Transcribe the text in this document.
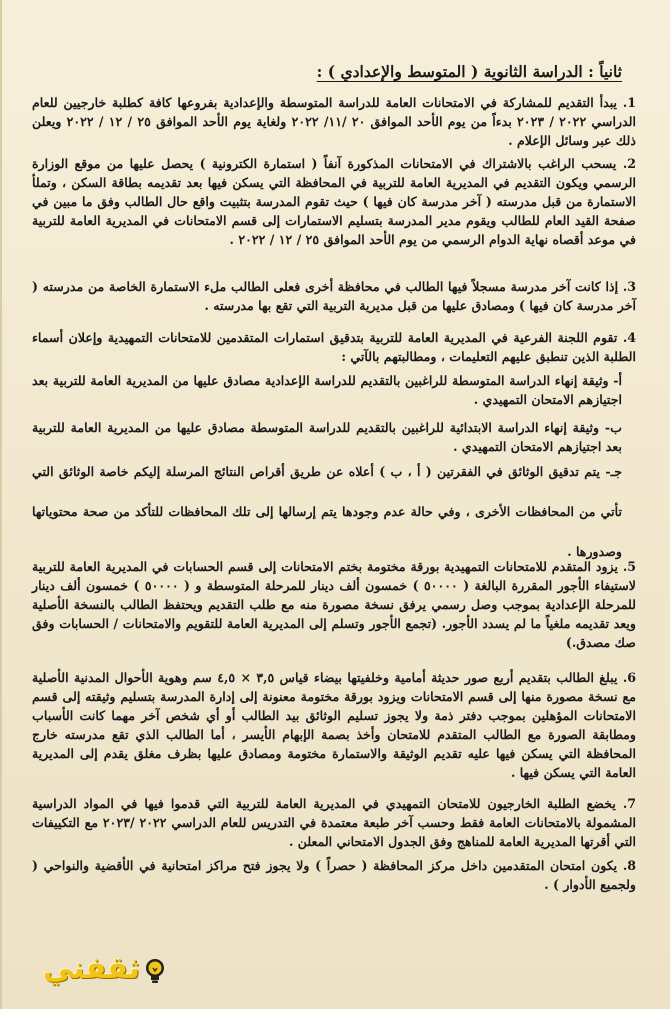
ثانياً : الدراسة الثانوية ( المتوسط والإعدادي ) :
1. يبدأ التقديم للمشاركة في الامتحانات العامة للدراسة المتوسطة والإعدادية بفروعها كافة كطلبة خارجيين للعام الدراسي ٢٠٢٢ / ٢٠٢٣ بدءاً من يوم الأحد الموافق ٢٠ /١١/ ٢٠٢٢ ولغاية يوم الأحد الموافق ٢٥ / ١٢ / ٢٠٢٢ ويعلن ذلك عبر وسائل الإعلام .
2. يسحب الراغب بالاشتراك في الامتحانات المذكورة آنفاً ( استمارة الكترونية ) يحصل عليها من موقع الوزارة الرسمي ويكون التقديم في المديرية العامة للتربية في المحافظة التي يسكن فيها بعد تقديمه بطاقة السكن ، وتملأ الاستمارة من قبل مدرسته ( آخر مدرسة كان فيها ) حيث تقوم المدرسة بتثبيت واقع حال الطالب وفق ما مبين في صفحة القيد العام للطالب ويقوم مدير المدرسة بتسليم الاستمارات إلى قسم الامتحانات في المديرية العامة للتربية في موعد أقصاه نهاية الدوام الرسمي من يوم الأحد الموافق ٢٥ / ١٢ / ٢٠٢٢ .
3. إذا كانت آخر مدرسة مسجلاً فيها الطالب في محافظة أخرى فعلى الطالب ملء الاستمارة الخاصة من مدرسته ( آخر مدرسة كان فيها ) ومصادق عليها من قبل مديرية التربية التي تقع بها مدرسته .
4. تقوم اللجنة الفرعية في المديرية العامة للتربية بتدقيق استمارات المتقدمين للامتحانات التمهيدية وإعلان أسماء الطلبة الذين تنطبق عليهم التعليمات ، ومطالبتهم بالآتي :
أ- وثيقة إنهاء الدراسة المتوسطة للراغبين بالتقديم للدراسة الإعدادية مصادق عليها من المديرية العامة للتربية بعد اجتيازهم الامتحان التمهيدي .
ب- وثيقة إنهاء الدراسة الابتدائية للراغبين بالتقديم للدراسة المتوسطة مصادق عليها من المديرية العامة للتربية بعد اجتيازهم الامتحان التمهيدي .
جـ- يتم تدقيق الوثائق في الفقرتين ( أ ، ب ) أعلاه عن طريق أقراص النتائج المرسلة إليكم خاصة الوثائق التي تأتي من المحافظات الأخرى ، وفي حالة عدم وجودها يتم إرسالها إلى تلك المحافظات للتأكد من صحة محتوياتها وصدورها .
5. يزود المتقدم للامتحانات التمهيدية بورقة مختومة بختم الامتحانات إلى قسم الحسابات في المديرية العامة للتربية لاستيفاء الأجور المقررة البالغة ( ٥٠٠٠٠ ) خمسون ألف دينار للمرحلة المتوسطة و ( ٥٠٠٠٠ ) خمسون ألف دينار للمرحلة الإعدادية بموجب وصل رسمي يرفق نسخة مصورة منه مع طلب التقديم ويحتفظ الطالب بالنسخة الأصلية ويعد تقديمه ملغياً ما لم يسدد الأجور. (تجمع الأجور وتسلم إلى المديرية العامة للتقويم والامتحانات / الحسابات وفق صك مصدق.)
6. يبلغ الطالب بتقديم أربع صور حديثة أمامية وخلفيتها بيضاء قياس ٣,٥ × ٤,٥ سم وهوية الأحوال المدنية الأصلية مع نسخة مصورة منها إلى قسم الامتحانات ويزود بورقة مختومة معنونة إلى إدارة المدرسة بتسليم وثيقته إلى قسم الامتحانات المؤهلين بموجب دفتر ذمة ولا يجوز تسليم الوثائق بيد الطالب أو أي شخص آخر مهما كانت الأسباب ومطابقة الصورة مع الطالب المتقدم للامتحان وأخذ بصمة الإبهام الأيسر ، أما الطالب الذي تقع مدرسته خارج المحافظة التي يسكن فيها عليه تقديم الوثيقة والاستمارة مختومة ومصادق عليها بظرف مغلق يقدم إلى المديرية العامة التي يسكن فيها .
7. يخضع الطلبة الخارجيون للامتحان التمهيدي في المديرية العامة للتربية التي قدموا فيها في المواد الدراسية المشمولة بالامتحانات العامة فقط وحسب آخر طبعة معتمدة في التدريس للعام الدراسي ٢٠٢٢ /٢٠٢٣ مع التكييفات التي أقرتها المديرية العامة للمناهج وفق الجدول الامتحاني المعلن .
8. يكون امتحان المتقدمين داخل مركز المحافظة ( حصراً ) ولا يجوز فتح مراكز امتحانية في الأقضية والنواحي ( ولجميع الأدوار ) .
ثقفني
